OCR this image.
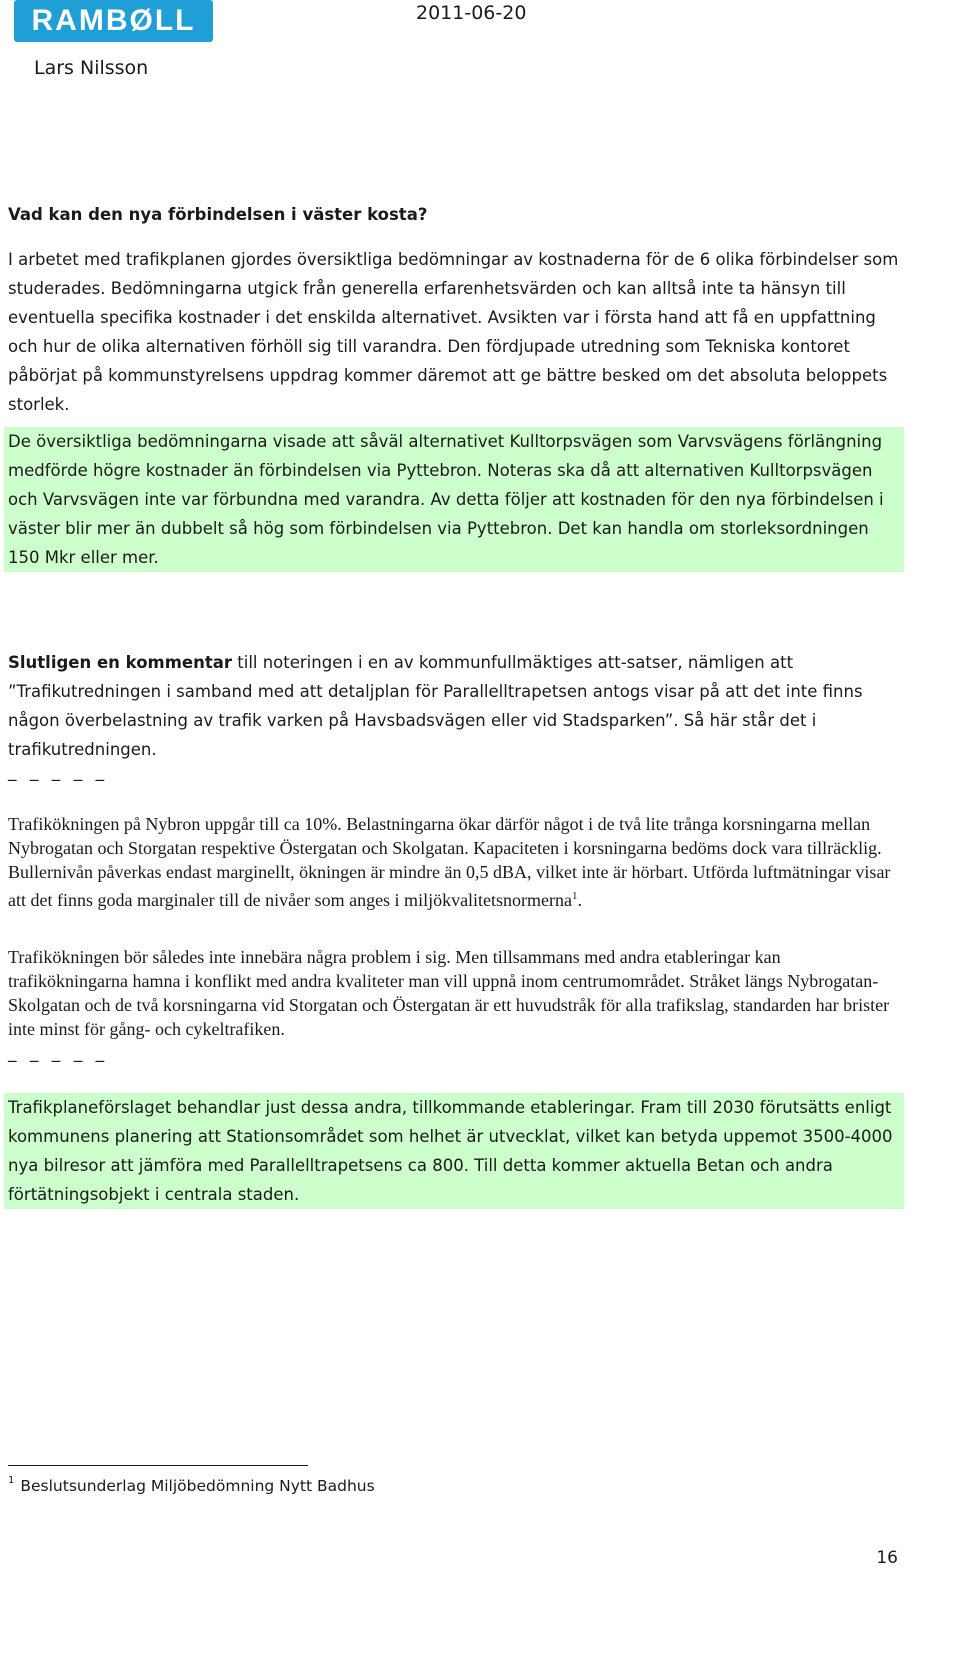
RAMBØLL	2011-06-20
Lars Nilsson

Vad kan den nya förbindelsen i väster kosta?

I arbetet med trafikplanen gjordes översiktliga bedömningar av kostnaderna för de 6 olika förbindelser som studerades. Bedömningarna utgick från generella erfarenhetsvärden och kan alltså inte ta hänsyn till eventuella specifika kostnader i det enskilda alternativet. Avsikten var i första hand att få en uppfattning och hur de olika alternativen förhöll sig till varandra. Den fördjupade utredning som Tekniska kontoret påbörjat på kommunstyrelsens uppdrag kommer däremot att ge bättre besked om det absoluta beloppets storlek.

De översiktliga bedömningarna visade att såväl alternativet Kulltorpsvägen som Varvsvägens förlängning medförde högre kostnader än förbindelsen via Pyttebron. Noteras ska då att alternativen Kulltorpsvägen och Varvsvägen inte var förbundna med varandra. Av detta följer att kostnaden för den nya förbindelsen i väster blir mer än dubbelt så hög som förbindelsen via Pyttebron. Det kan handla om storleksordningen 150 Mkr eller mer.

Slutligen en kommentar till noteringen i en av kommunfullmäktiges att-satser, nämligen att ”Trafikutredningen i samband med att detaljplan för Parallelltrapetsen antogs visar på att det inte finns någon överbelastning av trafik varken på Havsbadsvägen eller vid Stadsparken”. Så här står det i trafikutredningen.

_ _ _ _ _

Trafikökningen på Nybron uppgår till ca 10%. Belastningarna ökar därför något i de två lite trånga korsningarna mellan Nybrogatan och Storgatan respektive Östergatan och Skolgatan. Kapaciteten i korsningarna bedöms dock vara tillräcklig. Bullernivån påverkas endast marginellt, ökningen är mindre än 0,5 dBA, vilket inte är hörbart. Utförda luftmätningar visar att det finns goda marginaler till de nivåer som anges i miljökvalitetsnormerna$^1$.

Trafikökningen bör således inte innebära några problem i sig. Men tillsammans med andra etableringar kan trafikökningarna hamna i konflikt med andra kvaliteter man vill uppnå inom centrumområdet. Stråket längs Nybrogatan-Skolgatan och de två korsningarna vid Storgatan och Östergatan är ett huvudstråk för alla trafikslag, standarden har brister inte minst för gång- och cykeltrafiken.

_ _ _ _ _

Trafikplaneförslaget behandlar just dessa andra, tillkommande etableringar. Fram till 2030 förutsätts enligt kommunens planering att Stationsområdet som helhet är utvecklat, vilket kan betyda uppemot 3500-4000 nya bilresor att jämföra med Parallelltrapetsens ca 800. Till detta kommer aktuella Betan och andra förtätningsobjekt i centrala staden.

$^1$ Beslutsunderlag Miljöbedömning Nytt Badhus
16
